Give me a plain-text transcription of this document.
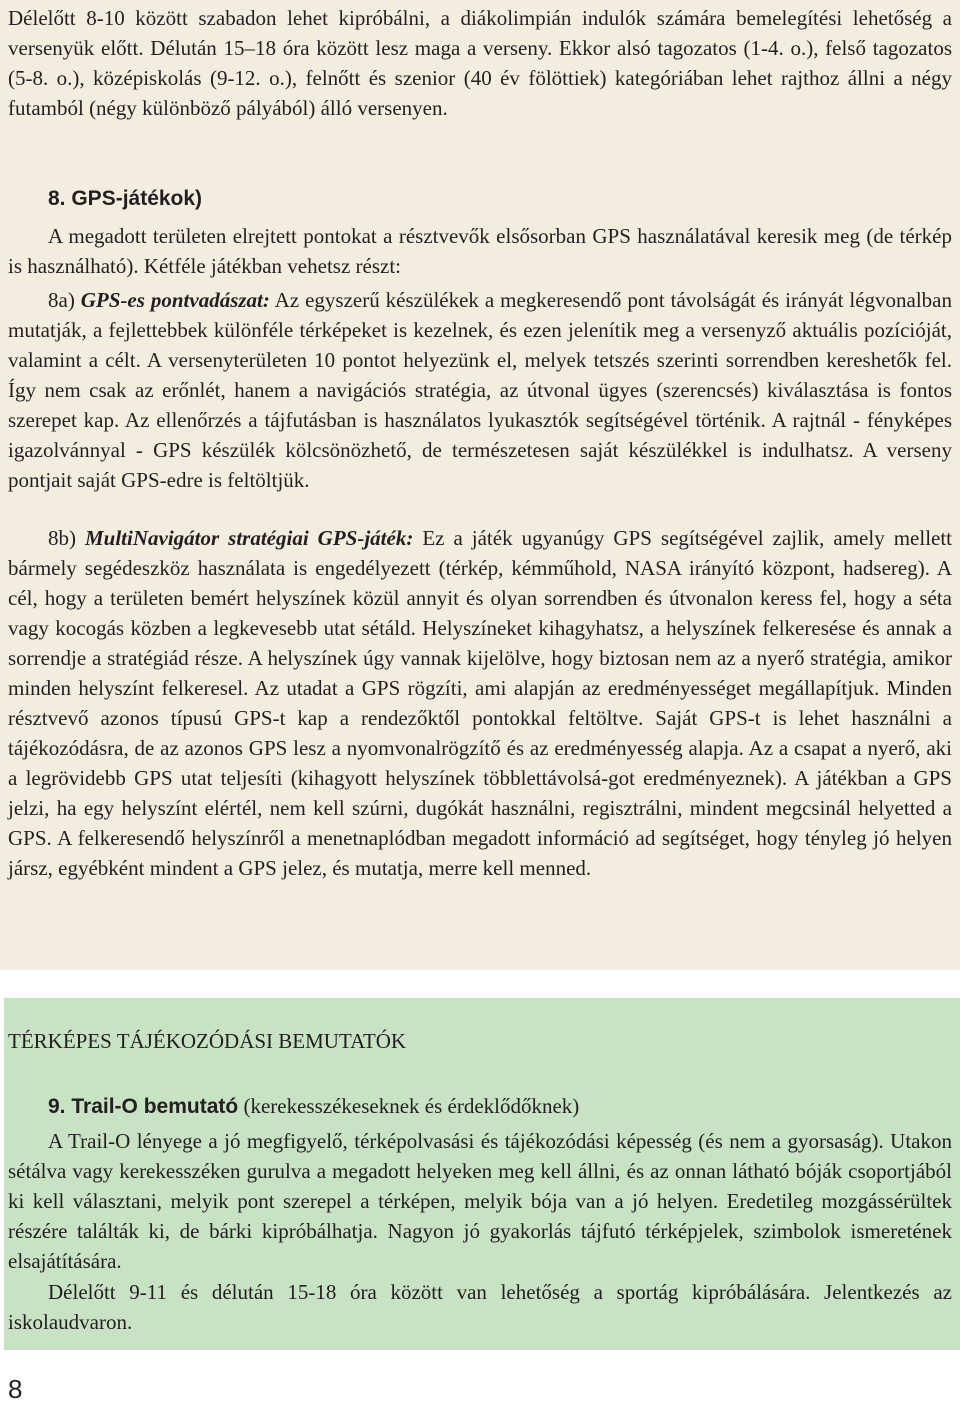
Délelőtt 8-10 között szabadon lehet kipróbálni, a diákolimpián indulók számára bemelegítési lehetőség a versenyük előtt. Délután 15–18 óra között lesz maga a verseny. Ekkor alsó tagozatos (1-4. o.), felső tagozatos (5-8. o.), középiskolás (9-12. o.), felnőtt és szenior (40 év fölöttiek) kategóriában lehet rajthoz állni a négy futamból (négy különböző pályából) álló versenyen.

8. GPS-játékok)

A megadott területen elrejtett pontokat a résztvevők elsősorban GPS használatával keresik meg (de térkép is használható). Kétféle játékban vehetsz részt:

8a) GPS-es pontvadászat: Az egyszerű készülékek a megkeresendő pont távolságát és irányát légvonalban mutatják, a fejlettebbek különféle térképeket is kezelnek, és ezen jelenítik meg a versenyző aktuális pozícióját, valamint a célt. A versenyterületen 10 pontot helyezünk el, melyek tetszés szerinti sorrendben kereshetők fel. Így nem csak az erőnlét, hanem a navigációs stratégia, az útvonal ügyes (szerencsés) kiválasztása is fontos szerepet kap. Az ellenőrzés a tájfutásban is használatos lyukasztók segítségével történik. A rajtnál - fényképes igazolvánnyal - GPS készülék kölcsönözhető, de természetesen saját készülékkel is indulhatsz. A verseny pontjait saját GPS-edre is feltöltjük.

8b) MultiNavigátor stratégiai GPS-játék: Ez a játék ugyanúgy GPS segítségével zajlik, amely mellett bármely segédeszköz használata is engedélyezett (térkép, kémműhold, NASA irányító központ, hadsereg). A cél, hogy a területen bemért helyszínek közül annyit és olyan sorrendben és útvonalon keress fel, hogy a séta vagy kocogás közben a legkevesebb utat sétáld. Helyszíneket kihagyhatsz, a helyszínek felkeresése és annak a sorrendje a stratégiád része. A helyszínek úgy vannak kijelölve, hogy biztosan nem az a nyerő stratégia, amikor minden helyszínt felkeresel. Az utadat a GPS rögzíti, ami alapján az eredményességet megállapítjuk. Minden résztvevő azonos típusú GPS-t kap a rendezőktől pontokkal feltöltve. Saját GPS-t is lehet használni a tájékozódásra, de az azonos GPS lesz a nyomvonalrögzítő és az eredményesség alapja. Az a csapat a nyerő, aki a legrövidebb GPS utat teljesíti (kihagyott helyszínek többlettávolsá-got eredményeznek). A játékban a GPS jelzi, ha egy helyszínt elértél, nem kell szúrni, dugókát használni, regisztrálni, mindent megcsinál helyetted a GPS. A felkeresendő helyszínről a menetnaplódban megadott információ ad segítséget, hogy tényleg jó helyen jársz, egyébként mindent a GPS jelez, és mutatja, merre kell menned.

TÉRKÉPES TÁJÉKOZÓDÁSI BEMUTATÓK

9. Trail-O bemutató (kerekesszékeseknek és érdeklődőknek)

A Trail-O lényege a jó megfigyelő, térképolvasási és tájékozódási képesség (és nem a gyorsaság). Utakon sétálva vagy kerekesszéken gurulva a megadott helyeken meg kell állni, és az onnan látható bóják csoportjából ki kell választani, melyik pont szerepel a térképen, melyik bója van a jó helyen. Eredetileg mozgássérültek részére találták ki, de bárki kipróbálhatja. Nagyon jó gyakorlás tájfutó térképjelek, szimbolok ismeretének elsajátítására.

Délelőtt 9-11 és délután 15-18 óra között van lehetőség a sportág kipróbálására. Jelentkezés az iskolaudvaron.

8
